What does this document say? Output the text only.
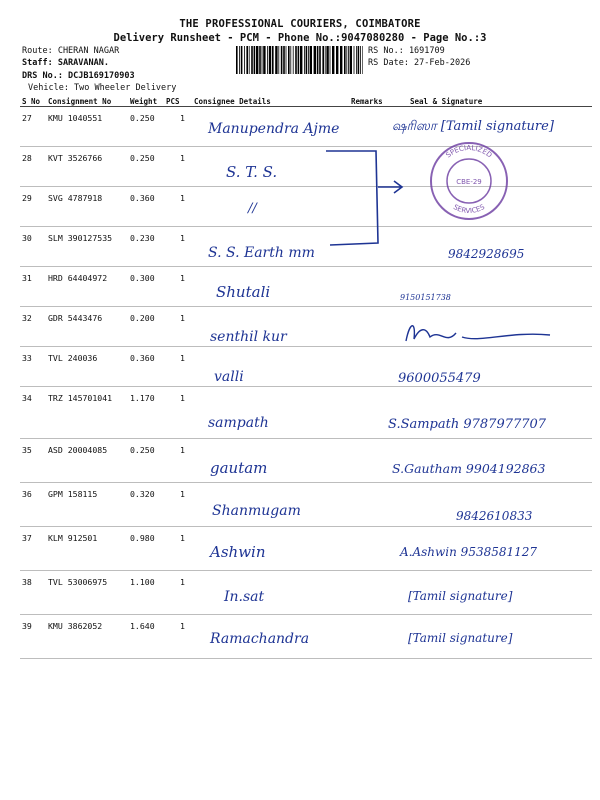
THE PROFESSIONAL COURIERS, COIMBATORE
Delivery Runsheet - PCM - Phone No.:9047080280 - Page No.:3
Route: CHERAN NAGAR
Staff: SARAVANAN.
DRS No.: DCJB169170903
Vehicle: Two Wheeler Delivery
RS No.: 1691709
RS Date: 27-Feb-2026
S No Consignment No	Weight PCS Consignee Details	Remarks	Seal & Signature
27 KMU 1040551	0.250	1
Manupendra Ajme	ஷரிஸா [Tamil signature]
28 KVT 3526766	0.250	1
S. T. S.
29 SVG 4787918	0.360	1
//
30 SLM 390127535 0.230	1
S. S. Earth mm	9842928695
31 HRD 64404972	0.300	1
Shutali	9150151738
32 GDR 5443476	0.200	1
senthil kur
33 TVL 240036	0.360	1
valli	9600055479
34 TRZ 145701041 1.170	1
sampath	S.Sampath 9787977707
35 ASD 20004085	0.250	1
gautam	S.Gautham 9904192863
36 GPM 158115	0.320	1
Shanmugam	9842610833
37 KLM 912501	0.980	1
Ashwin	A.Ashwin 9538581127
38 TVL 53006975	1.100	1
In.sat	[Tamil signature]
39 KMU 3862052	1.640	1
Ramachandra	[Tamil signature]
SPECIALIZED
SERVICES
CBE-29
